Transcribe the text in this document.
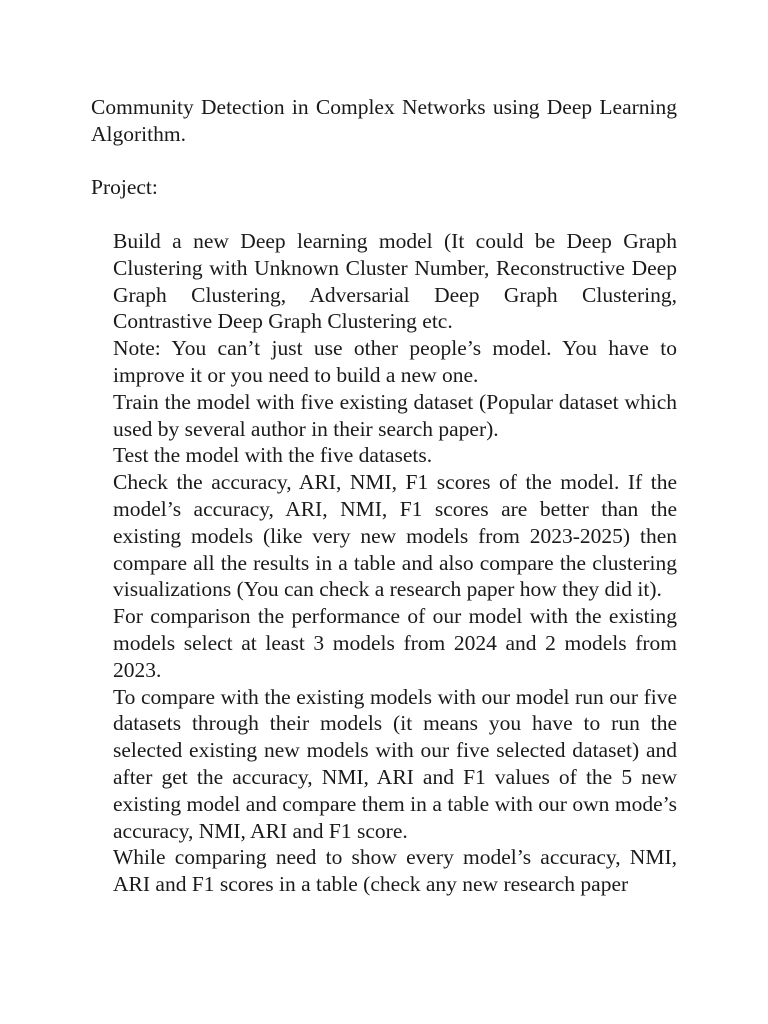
Community Detection in Complex Networks using Deep Learning Algorithm.

Project:

Build a new Deep learning model (It could be Deep Graph Clustering with Unknown Cluster Number, Reconstructive Deep Graph Clustering, Adversarial Deep Graph Clustering, Contrastive Deep Graph Clustering etc.

Note: You can’t just use other people’s model. You have to improve it or you need to build a new one.

Train the model with five existing dataset (Popular dataset which used by several author in their search paper).

Test the model with the five datasets.

Check the accuracy, ARI, NMI, F1 scores of the model. If the model’s accuracy, ARI, NMI, F1 scores are better than the existing models (like very new models from 2023-2025) then compare all the results in a table and also compare the clustering visualizations (You can check a research paper how they did it).

For comparison the performance of our model with the existing models select at least 3 models from 2024 and 2 models from 2023.

To compare with the existing models with our model run our five datasets through their models (it means you have to run the selected existing new models with our five selected dataset) and after get the accuracy, NMI, ARI and F1 values of the 5 new existing model and compare them in a table with our own mode’s accuracy, NMI, ARI and F1 score.

While comparing need to show every model’s accuracy, NMI, ARI and F1 scores in a table (check any new research paper
